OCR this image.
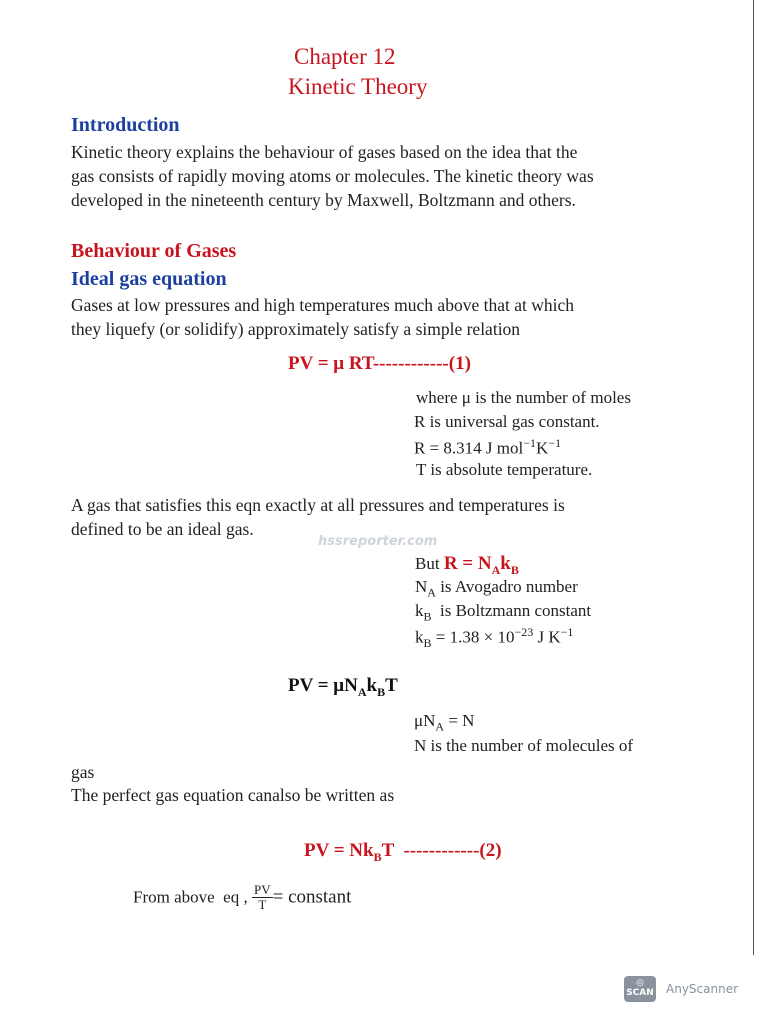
Chapter 12
Kinetic Theory
Introduction
Kinetic theory explains the behaviour of gases based on the idea that the
gas consists of rapidly moving atoms or molecules. The kinetic theory was
developed in the nineteenth century by Maxwell, Boltzmann and others.
Behaviour of Gases
Ideal gas equation
Gases at low pressures and high temperatures much above that at which
they liquefy (or solidify) approximately satisfy a simple relation
PV = μ RT------------(1)
where μ is the number of moles
R is universal gas constant.
R = 8.314 J $mol^{-1}K^{-1}$
T is absolute temperature.
A gas that satisfies this eqn exactly at all pressures and temperatures is
defined to be an ideal gas.
hssreporter.com
But $R = N_Ak_B$
$N_A$ is Avogadro number
$k_B$  is Boltzmann constant
$k_B = 1.38 \times 10^{-23}$ J $K^{-1}$
PV = $\mu N_Ak_BT$
$\mu N_A = N$
N is the number of molecules of
gas
The perfect gas equation canalso be written as

PV = $Nk_BT$  ------------(2)

From above  eq , $\frac{PV}{T}$ = constant
◎
SCAN AnyScanner
